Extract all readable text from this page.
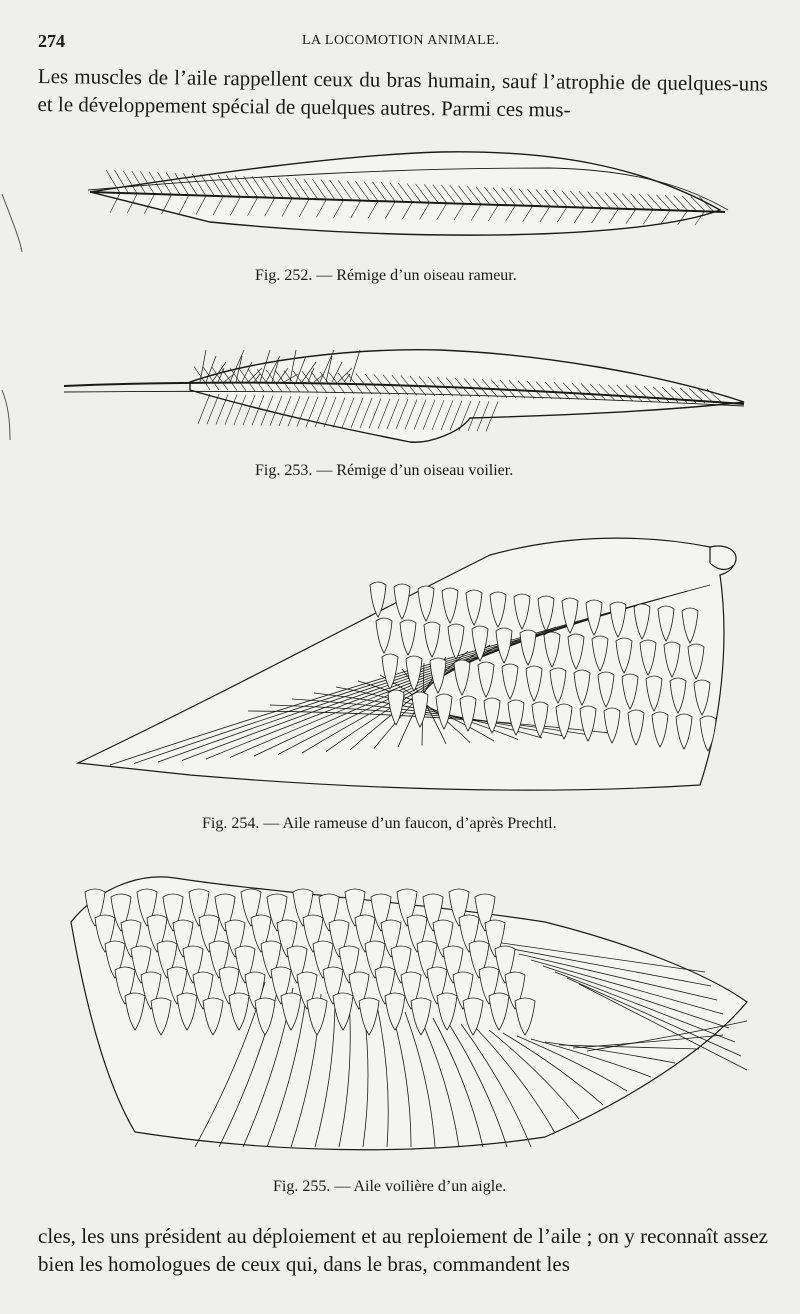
274	LA LOCOMOTION ANIMALE.

Les muscles de l’aile rappellent ceux du bras humain, sauf l’atrophie de quelques-uns et le développement spécial de quelques autres. Parmi ces mus-

Fig. 252. — Rémige d’un oiseau rameur.

Fig. 253. — Rémige d’un oiseau voilier.

Fig. 254. — Aile rameuse d’un faucon, d’après Prechtl.

Fig. 255. — Aile voilière d’un aigle.

cles, les uns président au déploiement et au reploiement de l’aile ; on y reconnaît assez bien les homologues de ceux qui, dans le bras, commandent les
